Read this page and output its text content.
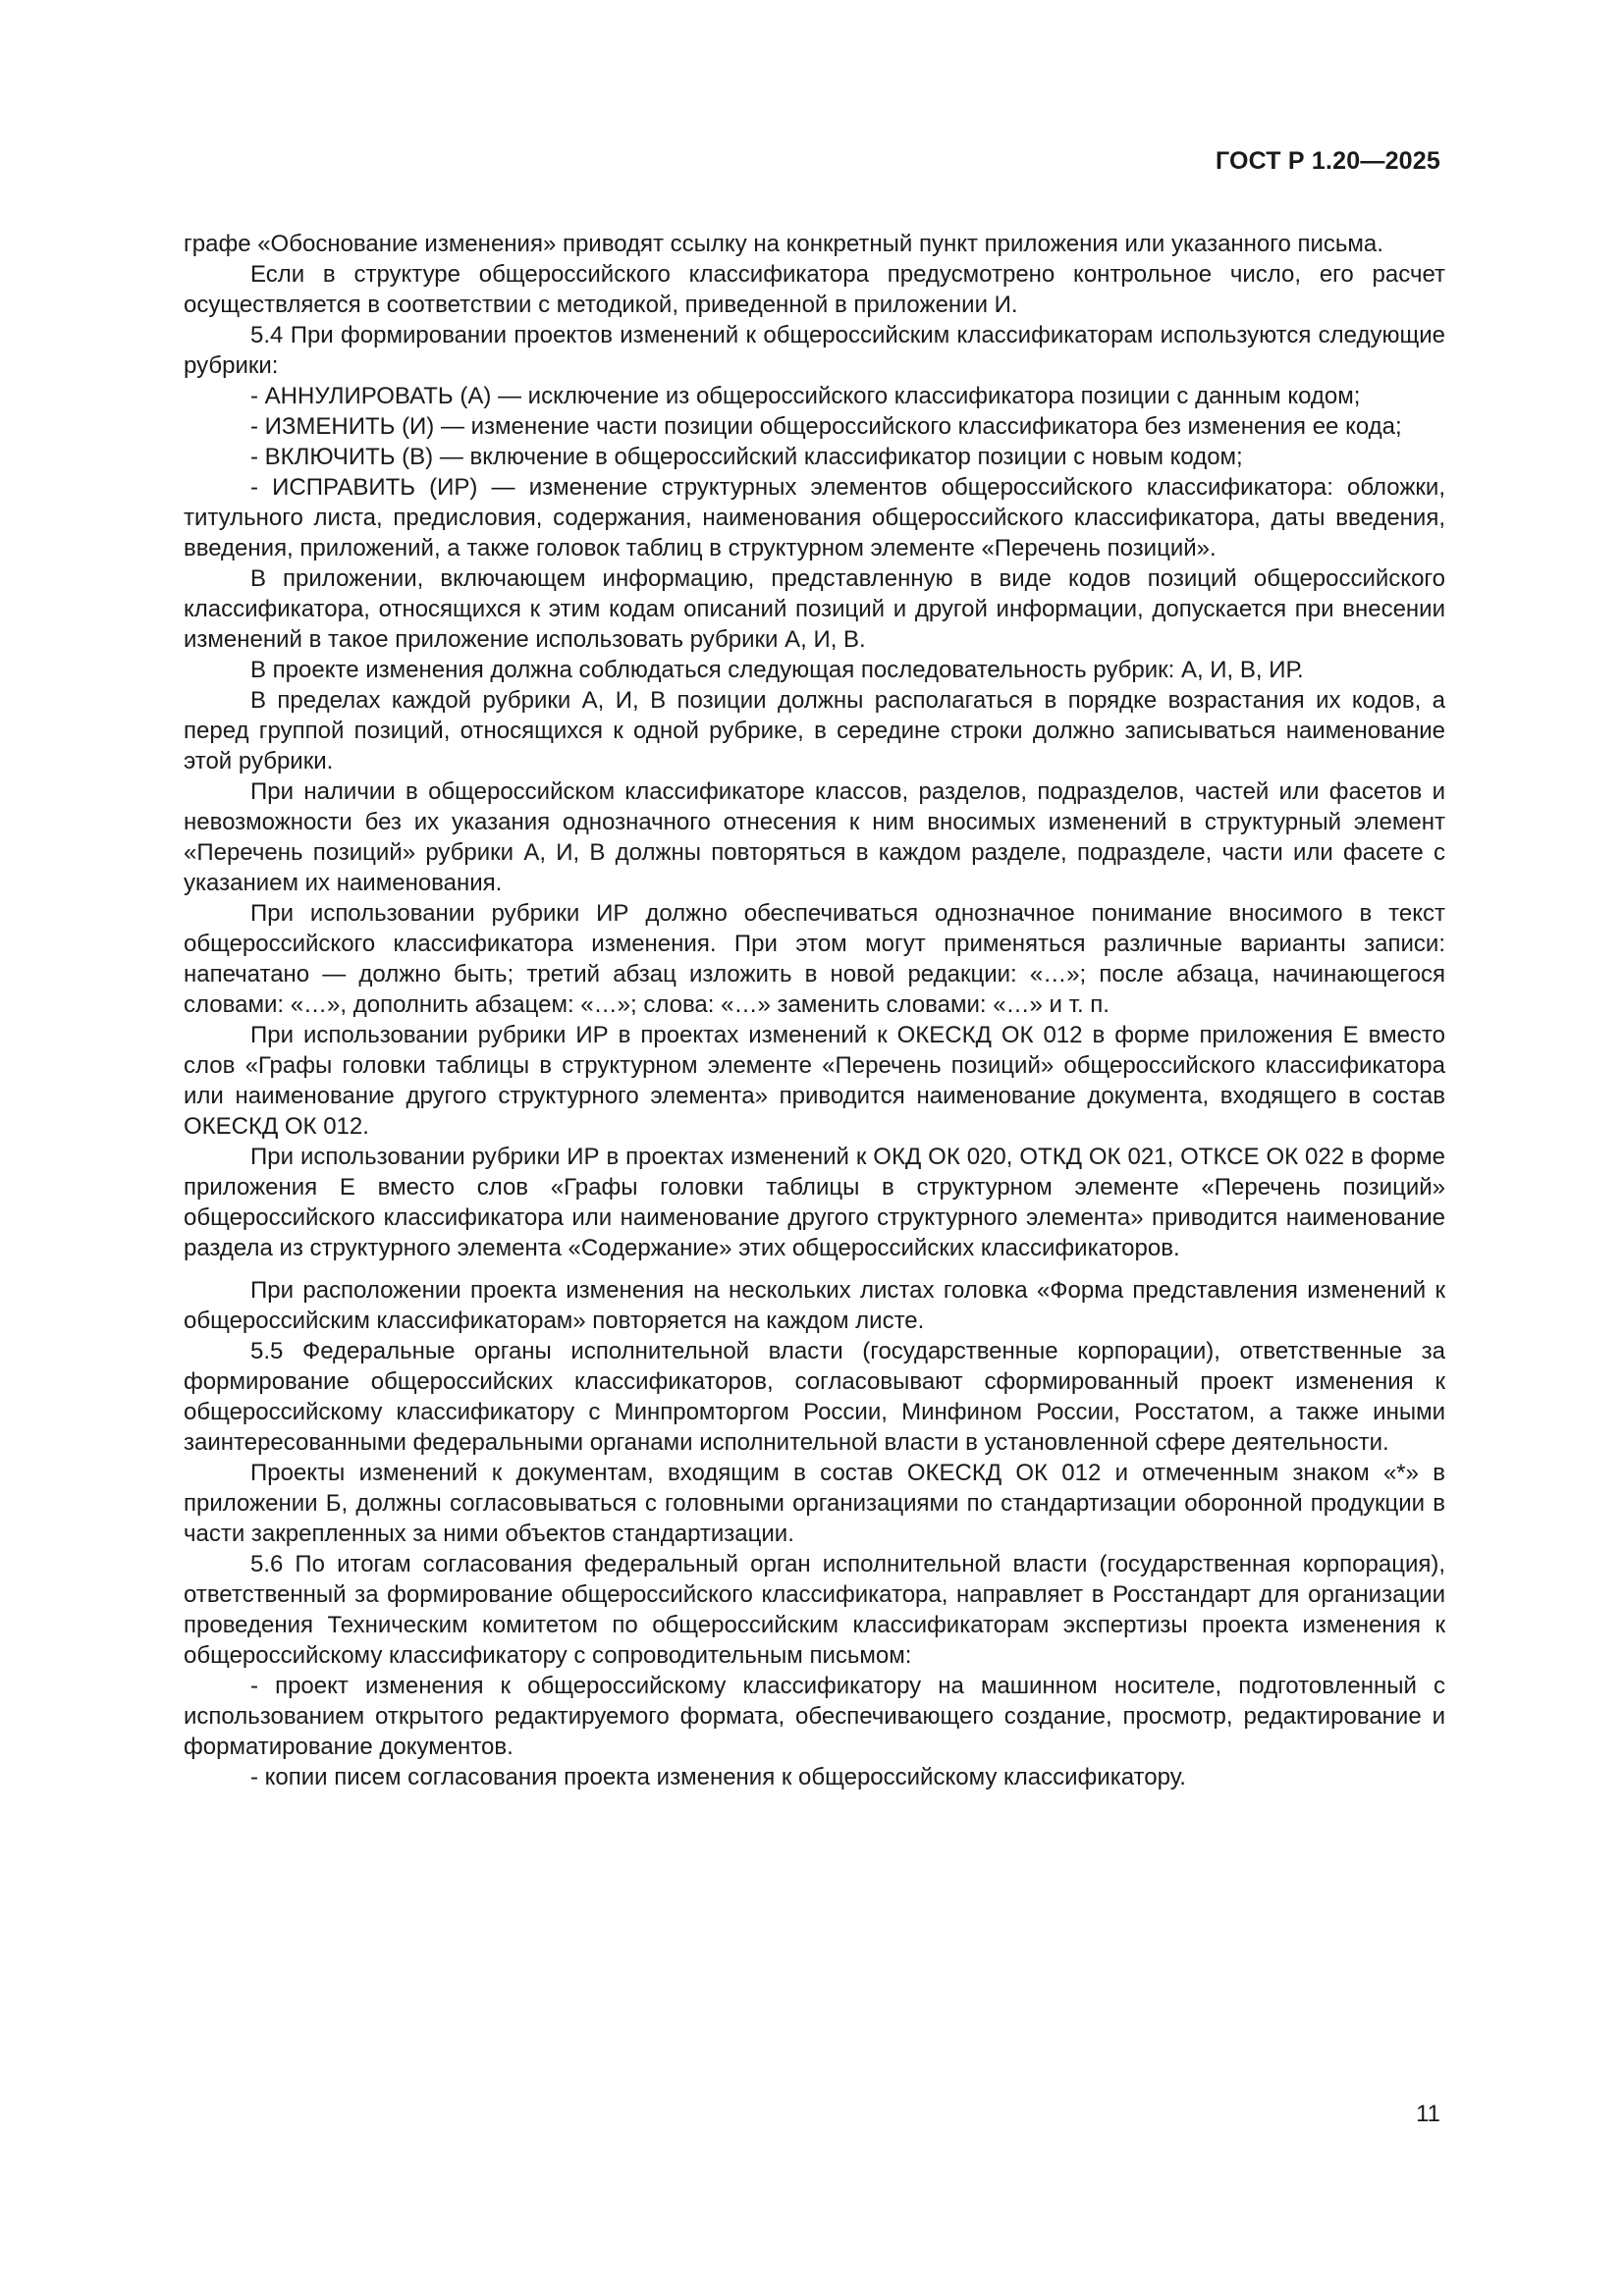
ГОСТ Р 1.20—2025

графе «Обоснование изменения» приводят ссылку на конкретный пункт приложения или указанного письма.

Если в структуре общероссийского классификатора предусмотрено контрольное число, его расчет осуществляется в соответствии с методикой, приведенной в приложении И.

5.4 При формировании проектов изменений к общероссийским классификаторам используются следующие рубрики:

- АННУЛИРОВАТЬ (А) — исключение из общероссийского классификатора позиции с данным кодом;

- ИЗМЕНИТЬ (И) — изменение части позиции общероссийского классификатора без изменения ее кода;

- ВКЛЮЧИТЬ (В) — включение в общероссийский классификатор позиции с новым кодом;

- ИСПРАВИТЬ (ИР) — изменение структурных элементов общероссийского классификатора: обложки, титульного листа, предисловия, содержания, наименования общероссийского классификатора, даты введения, введения, приложений, а также головок таблиц в структурном элементе «Перечень позиций».

В приложении, включающем информацию, представленную в виде кодов позиций общероссийского классификатора, относящихся к этим кодам описаний позиций и другой информации, допускается при внесении изменений в такое приложение использовать рубрики А, И, В.

В проекте изменения должна соблюдаться следующая последовательность рубрик: А, И, В, ИР.

В пределах каждой рубрики А, И, В позиции должны располагаться в порядке возрастания их кодов, а перед группой позиций, относящихся к одной рубрике, в середине строки должно записываться наименование этой рубрики.

При наличии в общероссийском классификаторе классов, разделов, подразделов, частей или фасетов и невозможности без их указания однозначного отнесения к ним вносимых изменений в структурный элемент «Перечень позиций» рубрики А, И, В должны повторяться в каждом разделе, подразделе, части или фасете с указанием их наименования.

При использовании рубрики ИР должно обеспечиваться однозначное понимание вносимого в текст общероссийского классификатора изменения. При этом могут применяться различные варианты записи: напечатано — должно быть; третий абзац изложить в новой редакции: «…»; после абзаца, начинающегося словами: «…», дополнить абзацем: «…»; слова: «…» заменить словами: «…» и т. п.

При использовании рубрики ИР в проектах изменений к ОКЕСКД ОК 012 в форме приложения Е вместо слов «Графы головки таблицы в структурном элементе «Перечень позиций» общероссийского классификатора или наименование другого структурного элемента» приводится наименование документа, входящего в состав ОКЕСКД ОК 012.

При использовании рубрики ИР в проектах изменений к ОКД ОК 020, ОТКД ОК 021, ОТКСЕ ОК 022 в форме приложения Е вместо слов «Графы головки таблицы в структурном элементе «Перечень позиций» общероссийского классификатора или наименование другого структурного элемента» приводится наименование раздела из структурного элемента «Содержание» этих общероссийских классификаторов.

При расположении проекта изменения на нескольких листах головка «Форма представления изменений к общероссийским классификаторам» повторяется на каждом листе.

5.5 Федеральные органы исполнительной власти (государственные корпорации), ответственные за формирование общероссийских классификаторов, согласовывают сформированный проект изменения к общероссийскому классификатору с Минпромторгом России, Минфином России, Росстатом, а также иными заинтересованными федеральными органами исполнительной власти в установленной сфере деятельности.

Проекты изменений к документам, входящим в состав ОКЕСКД ОК 012 и отмеченным знаком «*» в приложении Б, должны согласовываться с головными организациями по стандартизации оборонной продукции в части закрепленных за ними объектов стандартизации.

5.6 По итогам согласования федеральный орган исполнительной власти (государственная корпорация), ответственный за формирование общероссийского классификатора, направляет в Росстандарт для организации проведения Техническим комитетом по общероссийским классификаторам экспертизы проекта изменения к общероссийскому классификатору с сопроводительным письмом:

- проект изменения к общероссийскому классификатору на машинном носителе, подготовленный с использованием открытого редактируемого формата, обеспечивающего создание, просмотр, редактирование и форматирование документов.

- копии писем согласования проекта изменения к общероссийскому классификатору.

11
